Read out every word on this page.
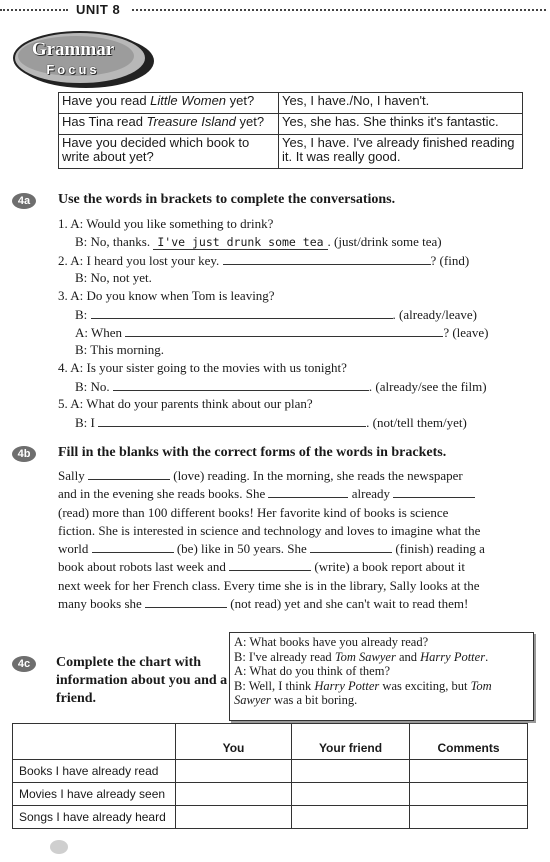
UNIT 8
Grammar
Focus
Have you read Little Women yet?	Yes, I have./No, I haven't.
Has Tina read Treasure Island yet?	Yes, she has. She thinks it's fantastic.
Have you decided which book to write about yet?	Yes, I have. I've already finished reading it. It was really good.
4a	Use the words in brackets to complete the conversations.
1. A: Would you like something to drink?
B: No, thanks. I've just drunk some tea . (just/drink some tea)
2. A: I heard you lost your key.	? (find)
B: No, not yet.
3. A: Do you know when Tom is leaving?
B:	. (already/leave)
A: When	? (leave)
B: This morning.
4. A: Is your sister going to the movies with us tonight?
B: No.	. (already/see the film)
5. A: What do your parents think about our plan?
B: I	. (not/tell them/yet)
4b	Fill in the blanks with the correct forms of the words in brackets.
Sally	(love) reading. In the morning, she reads the newspaper
and in the evening she reads books. She	already
(read) more than 100 different books! Her favorite kind of books is science
fiction. She is interested in science and technology and loves to imagine what the
world	(be) like in 50 years. She	(finish) reading a
book about robots last week and	(write) a book report about it
next week for her French class. Every time she is in the library, Sally looks at the
many books she	(not read) yet and she can't wait to read them!
4c	Complete the chart with information about you and a friend.
A: What books have you already read?
B: I've already read Tom Sawyer and Harry Potter.
A: What do you think of them?
B: Well, I think Harry Potter was exciting, but Tom Sawyer was a bit boring.
	You	Your friend	Comments
Books I have already read			
Movies I have already seen			
Songs I have already heard			
